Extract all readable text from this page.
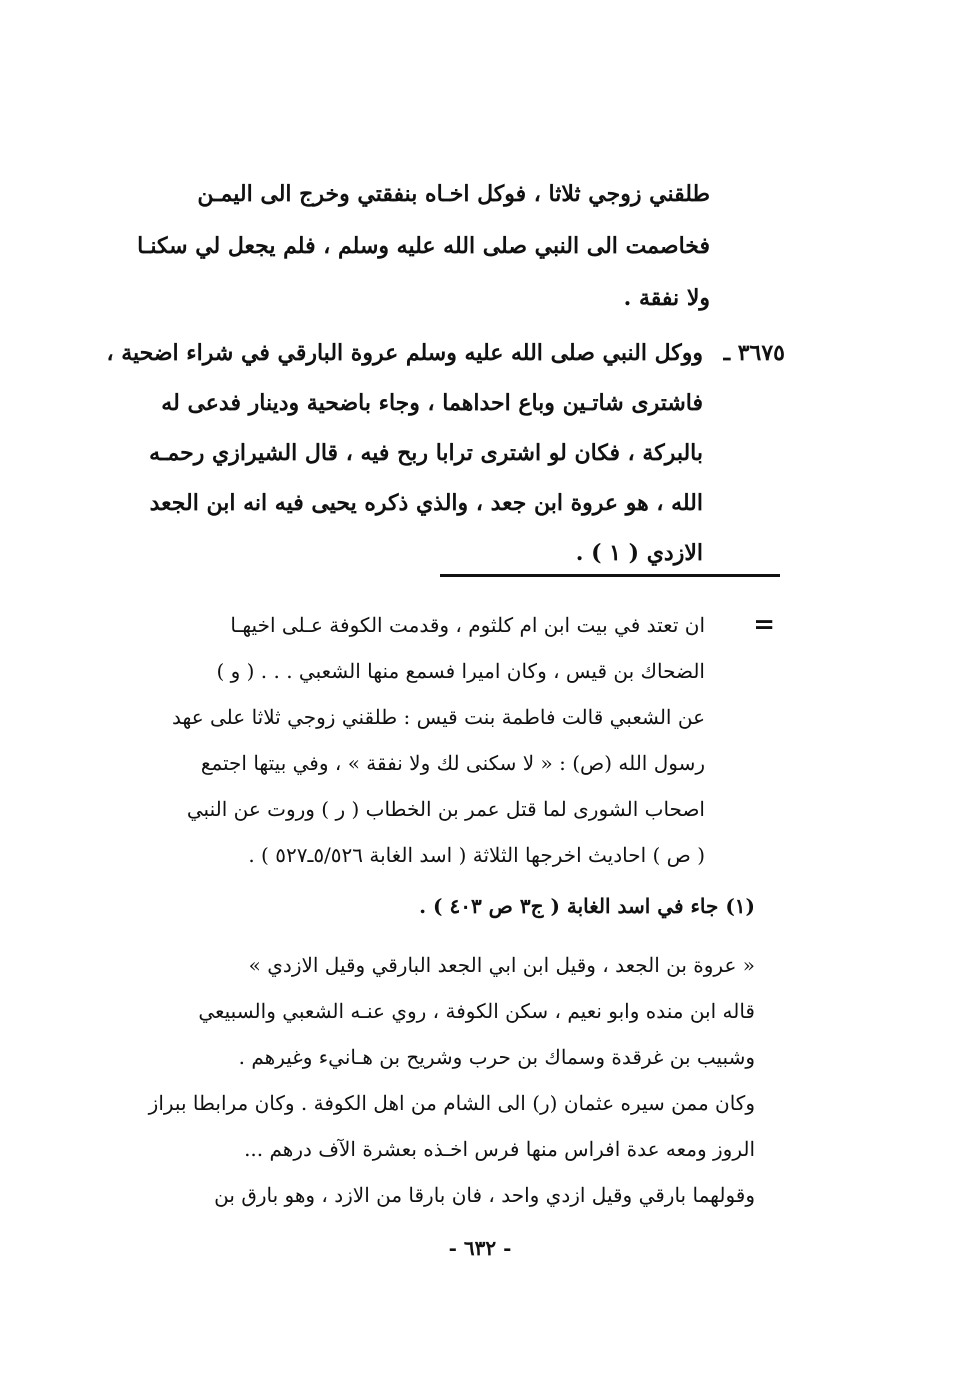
طلقني زوجي ثلاثا ، فوكل اخـاه بنفقتي وخرج الى اليمـن
فخاصمت الى النبي صلى الله عليه وسلم ، فلم يجعل لي سكنـا
ولا نفقة .
٣٦٧٥ ـ
ووكل النبي صلى الله عليه وسلم عروة البارقي في شراء اضحية ،
فاشترى شاتـين وباع احداهما ، وجاء باضحية ودينار فدعى له
بالبركة ، فكان لو اشترى ترابا ربح فيه ، قال الشيرازي رحمـه
الله ، هو عروة ابن جعد ، والذي ذكره يحيى فيه انه ابن الجعد
الازدي ( ١ ) .
=
ان تعتد في بيت ابن ام كلثوم ، وقدمت الكوفة عـلى اخيهـا
الضحاك بن قيس ، وكان اميرا فسمع منها الشعبي . . . ( و )
عن الشعبي قالت فاطمة بنت قيس : طلقني زوجي ثلاثا على عهد
رسول الله (ص) : « لا سكنى لك ولا نفقة » ، وفي بيتها اجتمع
اصحاب الشورى لما قتل عمر بن الخطاب ( ر ) وروت عن النبي
( ص ) احاديث اخرجها الثلاثة ( اسد الغابة ٥/٥٢٦ـ٥٢٧ ) .
(١) جاء في اسد الغابة ( ج٣ ص ٤٠٣ ) .
« عروة بن الجعد ، وقيل ابن ابي الجعد البارقي وقيل الازدي »
قاله ابن منده وابو نعيم ، سكن الكوفة ، روي عنـه الشعبي والسبيعي
وشبيب بن غرقدة وسماك بن حرب وشريح بن هـانيء وغيرهم .
وكان ممن سيره عثمان (ر) الى الشام من اهل الكوفة . وكان مرابطا ببراز
الروز ومعه عدة افراس منها فرس اخـذه بعشرة الآف درهم ...
وقولهما بارقي وقيل ازدي واحد ، فان بارقا من الازد ، وهو بارق بن
- ٦٣٢ -
